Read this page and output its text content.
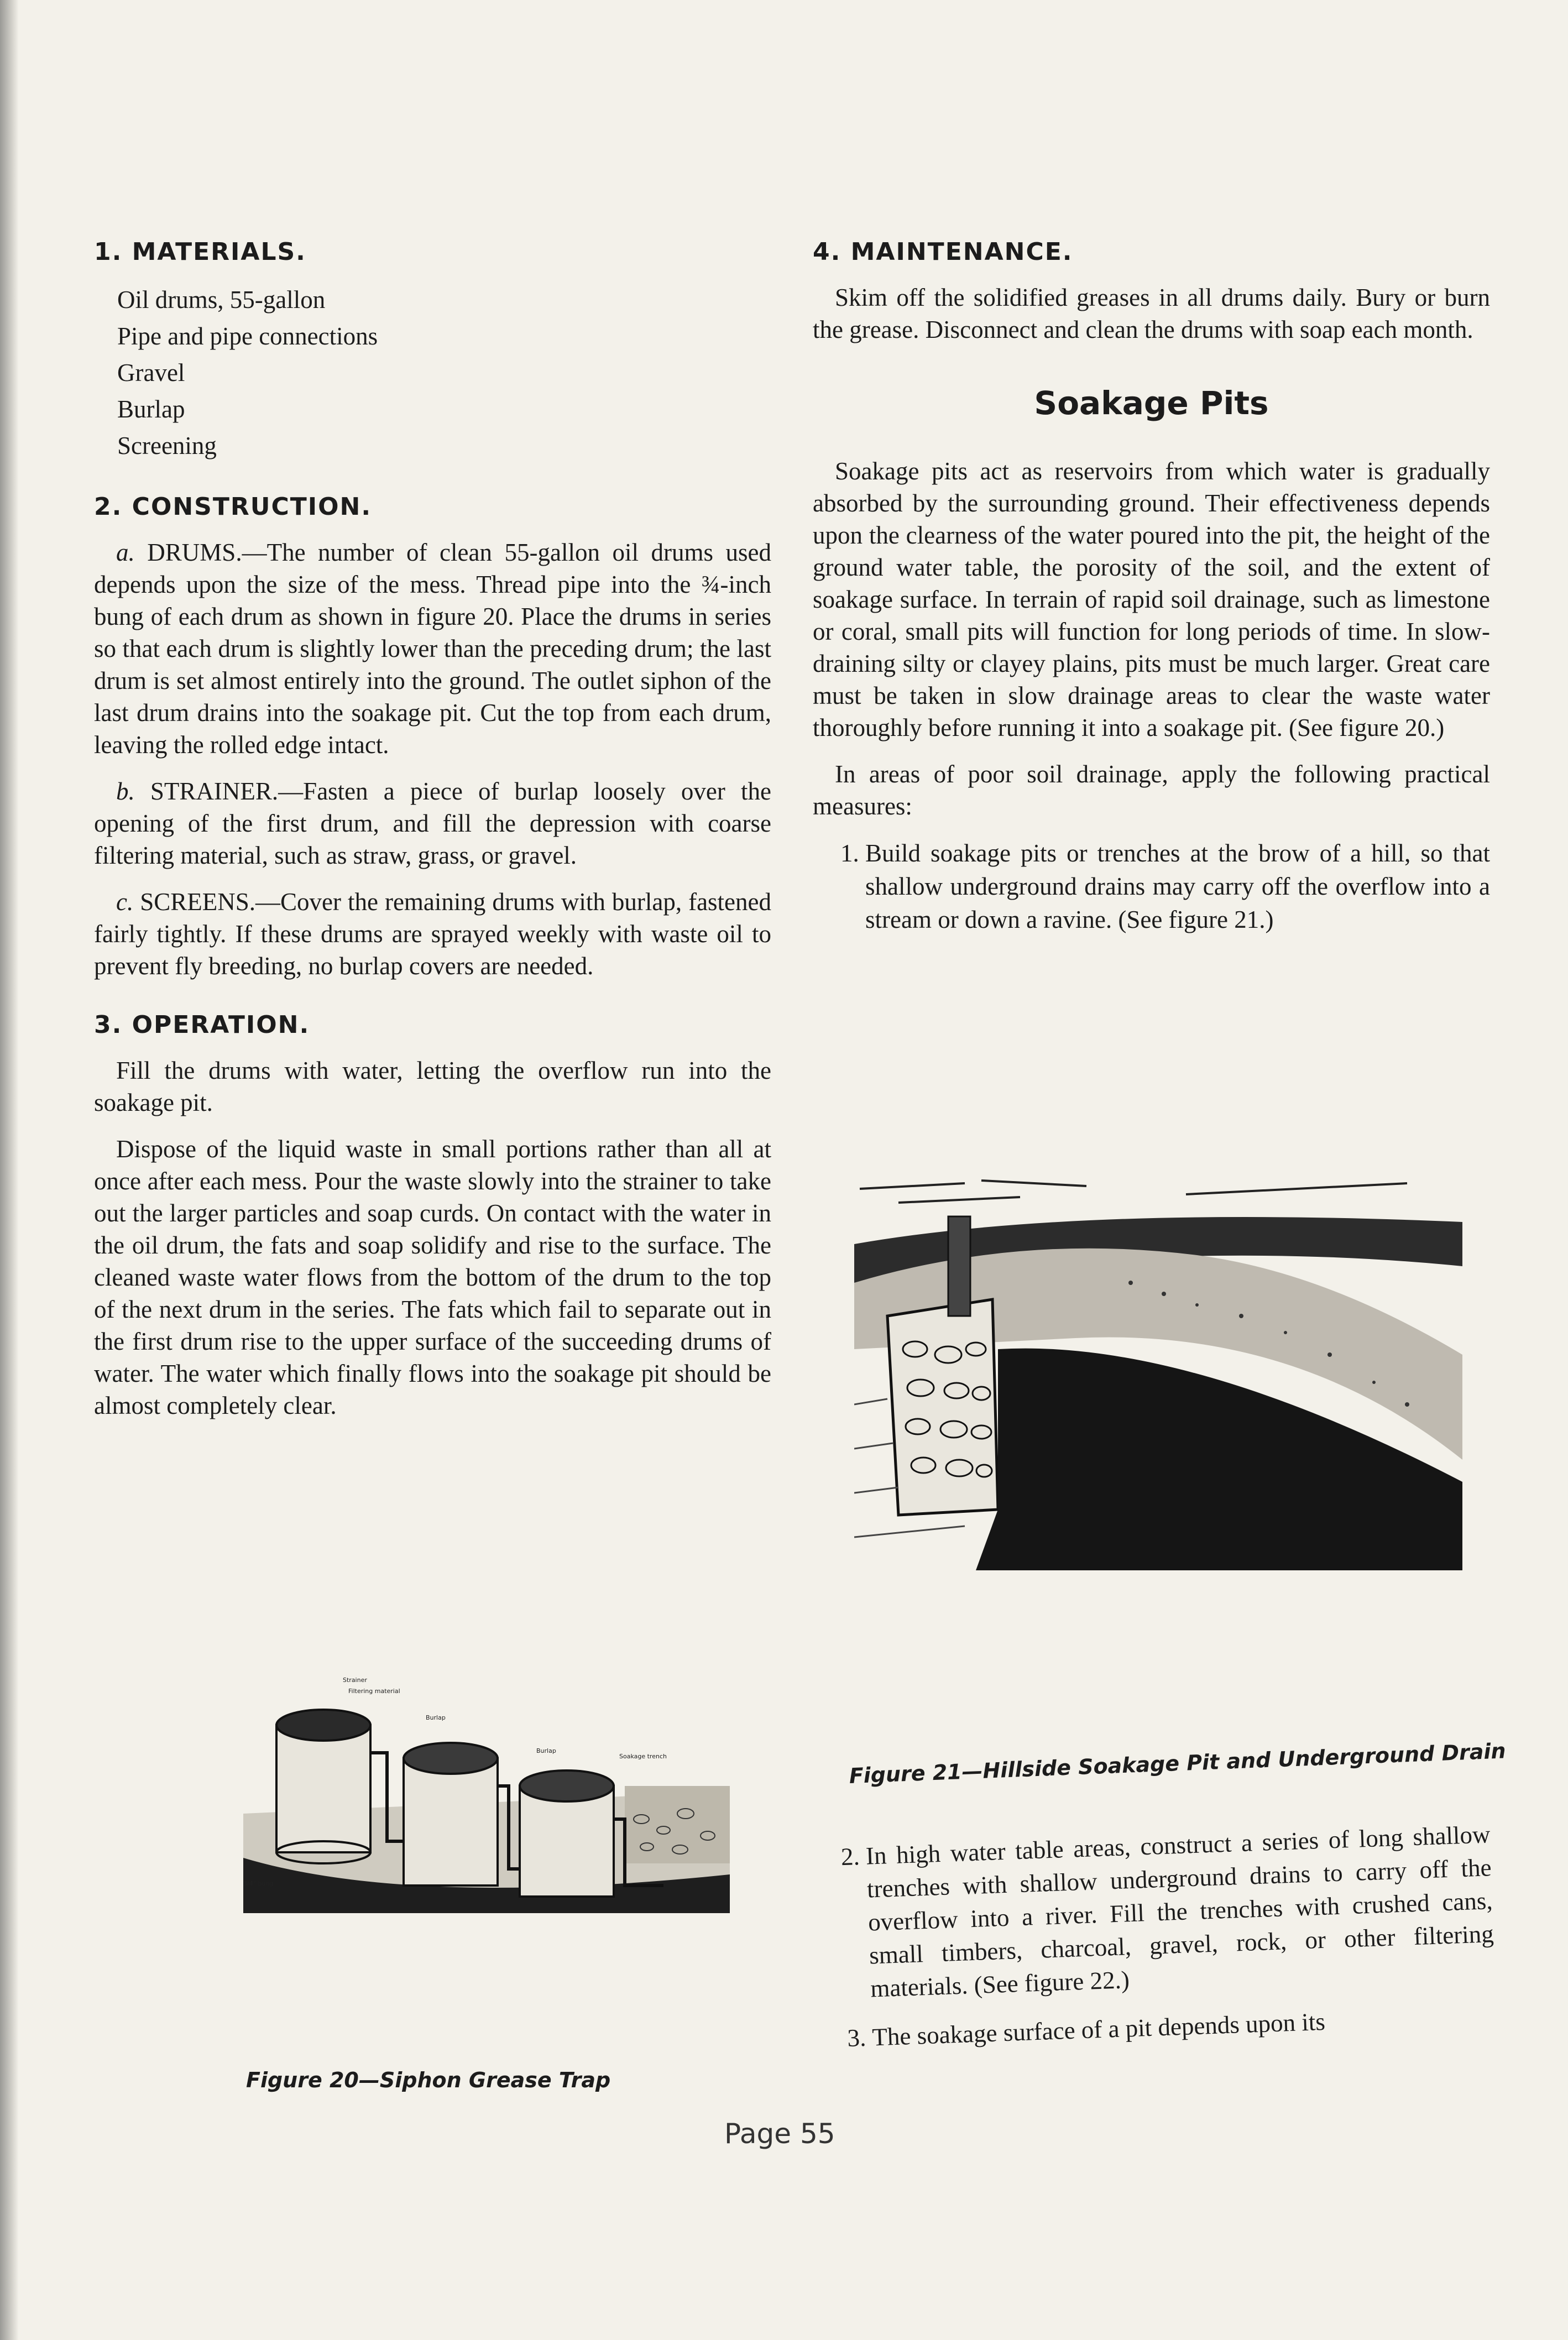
1. MATERIALS.
Oil drums, 55-gallon
Pipe and pipe connections
Gravel
Burlap
Screening
2. CONSTRUCTION.

a. DRUMS.—The number of clean 55-gallon oil drums used depends upon the size of the mess. Thread pipe into the ¾-inch bung of each drum as shown in figure 20. Place the drums in series so that each drum is slightly lower than the preceding drum; the last drum is set almost entirely into the ground. The outlet siphon of the last drum drains into the soakage pit. Cut the top from each drum, leaving the rolled edge intact.

b. STRAINER.—Fasten a piece of burlap loosely over the opening of the first drum, and fill the depression with coarse filtering material, such as straw, grass, or gravel.

c. SCREENS.—Cover the remaining drums with burlap, fastened fairly tightly. If these drums are sprayed weekly with waste oil to prevent fly breeding, no burlap covers are needed.

3. OPERATION.

Fill the drums with water, letting the overflow run into the soakage pit.

Dispose of the liquid waste in small portions rather than all at once after each mess. Pour the waste slowly into the strainer to take out the larger particles and soap curds. On contact with the water in the oil drum, the fats and soap solidify and rise to the surface. The cleaned waste water flows from the bottom of the drum to the top of the next drum in the series. The fats which fail to separate out in the first drum rise to the upper surface of the succeeding drums of water. The water which finally flows into the soakage pit should be almost completely clear.

Strainer
Filtering material
Burlap
Burlap
Soakage trench
3/4" bung
Figure 20—Siphon Grease Trap
4. MAINTENANCE.

Skim off the solidified greases in all drums daily. Bury or burn the grease. Disconnect and clean the drums with soap each month.

Soakage Pits

Soakage pits act as reservoirs from which water is gradually absorbed by the surrounding ground. Their effectiveness depends upon the clearness of the water poured into the pit, the height of the ground water table, the porosity of the soil, and the extent of soakage surface. In terrain of rapid soil drainage, such as limestone or coral, small pits will function for long periods of time. In slow-draining silty or clayey plains, pits must be much larger. Great care must be taken in slow drainage areas to clear the waste water thoroughly before running it into a soakage pit. (See figure 20.)

In areas of poor soil drainage, apply the following practical measures:

1. Build soakage pits or trenches at the brow of a hill, so that shallow underground drains may carry off the overflow into a stream or down a ravine. (See figure 21.)
Figure 21—Hillside Soakage Pit and Underground Drain
2. In high water table areas, construct a series of long shallow trenches with shallow underground drains to carry off the overflow into a river. Fill the trenches with crushed cans, small timbers, charcoal, gravel, rock, or other filtering materials. (See figure 22.)
3. The soakage surface of a pit depends upon its
Page 55
